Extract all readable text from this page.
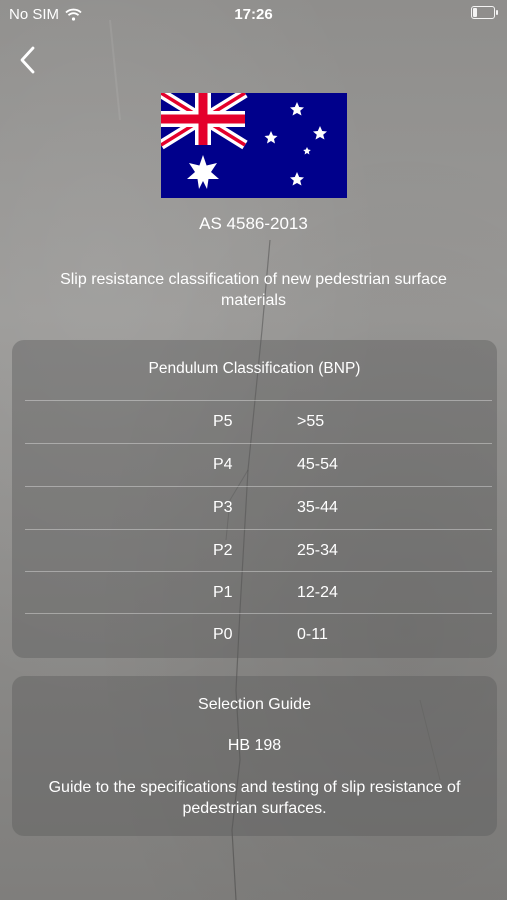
No SIM	17:26
AS 4586-2013
Slip resistance classification of new pedestrian surface materials
Pendulum Classification (BNP)
P5	>55
P4	45-54
P3	35-44
P2	25-34
P1	12-24
P0	0-11
Selection Guide
HB 198
Guide to the specifications and testing of slip resistance of pedestrian surfaces.
